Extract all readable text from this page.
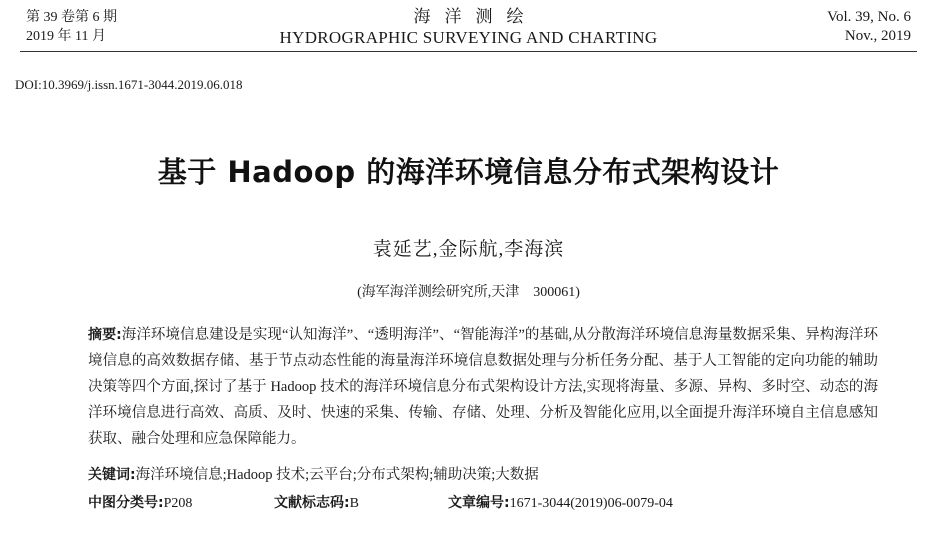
第 39 卷第 6 期
2019 年 11 月
海洋测绘
HYDROGRAPHIC SURVEYING AND CHARTING
Vol. 39, No. 6
Nov., 2019
DOI:10.3969/j.issn.1671-3044.2019.06.018
基于 Hadoop 的海洋环境信息分布式架构设计
袁延艺,金际航,李海滨
(海军海洋测绘研究所,天津　300061)
摘要:海洋环境信息建设是实现“认知海洋”、“透明海洋”、“智能海洋”的基础,从分散海洋环境信息海量数据采集、异构海洋环境信息的高效数据存储、基于节点动态性能的海量海洋环境信息数据处理与分析任务分配、基于人工智能的定向功能的辅助决策等四个方面,探讨了基于 Hadoop 技术的海洋环境信息分布式架构设计方法,实现将海量、多源、异构、多时空、动态的海洋环境信息进行高效、高质、及时、快速的采集、传输、存储、处理、分析及智能化应用,以全面提升海洋环境自主信息感知获取、融合处理和应急保障能力。
关键词:海洋环境信息;Hadoop 技术;云平台;分布式架构;辅助决策;大数据
中图分类号:P208	文献标志码:B	文章编号:1671-3044(2019)06-0079-04
